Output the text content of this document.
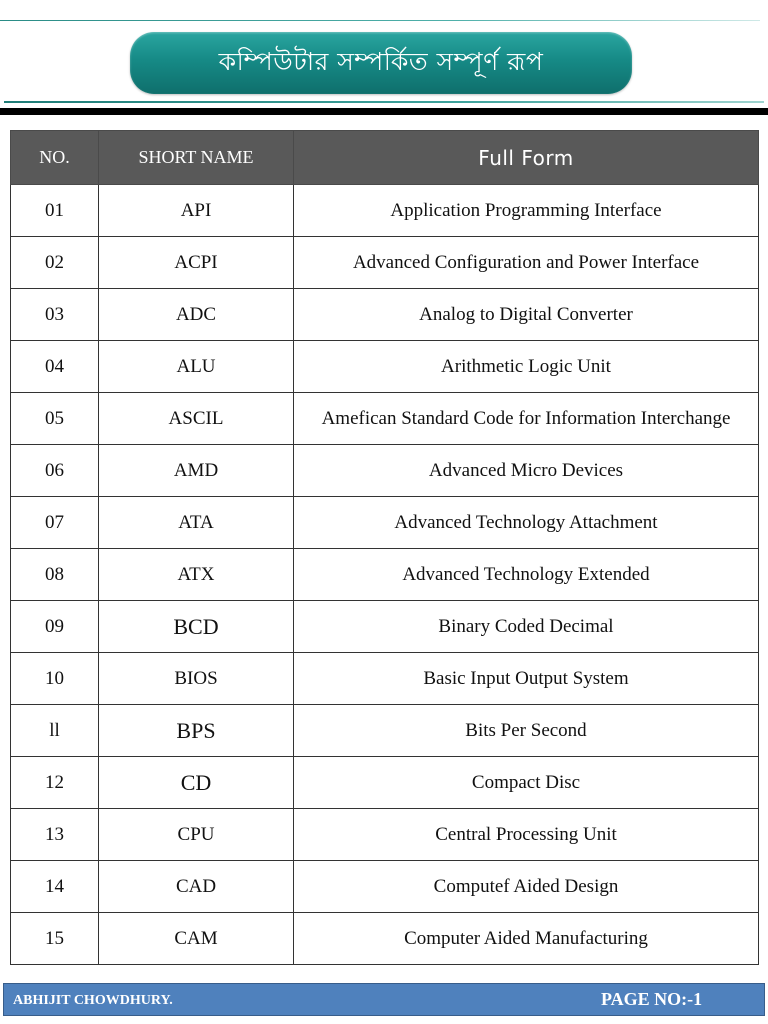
কম্পিউটার সম্পর্কিত সম্পূর্ণ রূপ
NO.	SHORT NAME	Full Form
01	API	Application Programming Interface
02	ACPI	Advanced Configuration and Power Interface
03	ADC	Analog to Digital Converter
04	ALU	Arithmetic Logic Unit
05	ASCIL	Amefican Standard Code for Information Interchange
06	AMD	Advanced Micro Devices
07	ATA	Advanced Technology Attachment
08	ATX	Advanced Technology Extended
09	BCD	Binary Coded Decimal
10	BIOS	Basic Input Output System
ll	BPS	Bits Per Second
12	CD	Compact Disc
13	CPU	Central Processing Unit
14	CAD	Computef Aided Design
15	CAM	Computer Aided Manufacturing
ABHIJIT CHOWDHURY.	PAGE NO:-1
